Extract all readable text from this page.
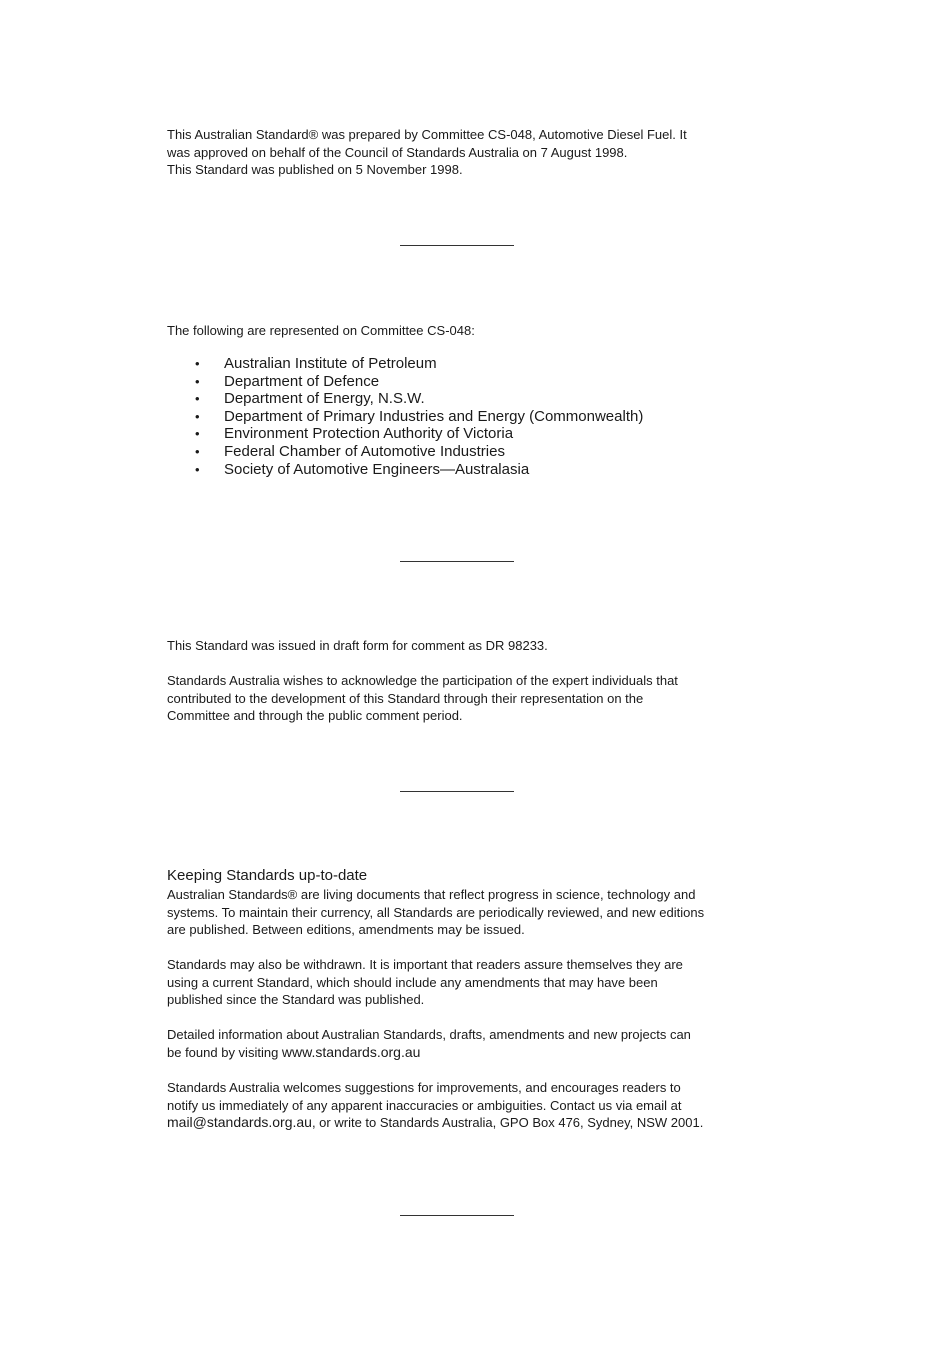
This Australian Standard® was prepared by Committee CS-048, Automotive Diesel Fuel. It

was approved on behalf of the Council of Standards Australia on 7 August 1998.

This Standard was published on 5 November 1998.

The following are represented on Committee CS-048:

• Australian Institute of Petroleum
• Department of Defence
• Department of Energy, N.S.W.
• Department of Primary Industries and Energy (Commonwealth)
• Environment Protection Authority of Victoria
• Federal Chamber of Automotive Industries
• Society of Automotive Engineers—Australasia

This Standard was issued in draft form for comment as DR 98233.

Standards Australia wishes to acknowledge the participation of the expert individuals that

contributed to the development of this Standard through their representation on the

Committee and through the public comment period.

Keeping Standards up-to-date

Australian Standards® are living documents that reflect progress in science, technology and

systems. To maintain their currency, all Standards are periodically reviewed, and new editions

are published. Between editions, amendments may be issued.

Standards may also be withdrawn. It is important that readers assure themselves they are

using a current Standard, which should include any amendments that may have been

published since the Standard was published.

Detailed information about Australian Standards, drafts, amendments and new projects can

be found by visiting www.standards.org.au

Standards Australia welcomes suggestions for improvements, and encourages readers to

notify us immediately of any apparent inaccuracies or ambiguities. Contact us via email at

mail@standards.org.au, or write to Standards Australia, GPO Box 476, Sydney, NSW 2001.
